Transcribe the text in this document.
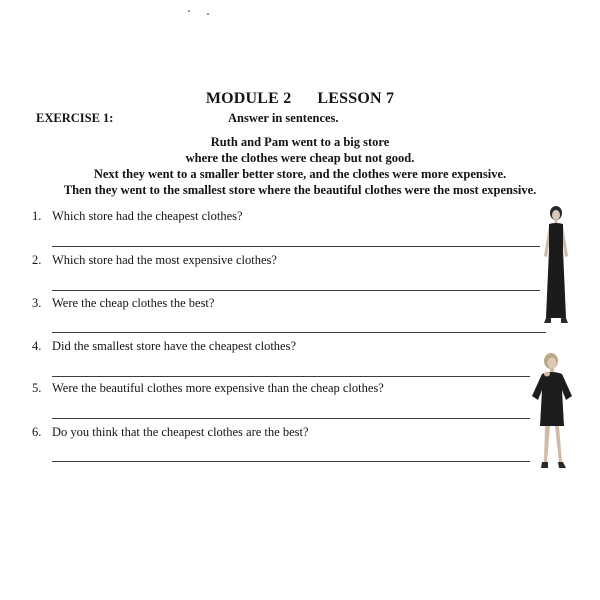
MODULE 2 LESSON 7
EXERCISE 1:	Answer in sentences.
Ruth and Pam went to a big store
where the clothes were cheap but not good.
Next they went to a smaller better store, and the clothes were more expensive.
Then they went to the smallest store where the beautiful clothes were the most expensive.
1. Which store had the cheapest clothes?
2. Which store had the most expensive clothes?
3. Were the cheap clothes the best?
4. Did the smallest store have the cheapest clothes?
5. Were the beautiful clothes more expensive than the cheap clothes?
6. Do you think that the cheapest clothes are the best?
